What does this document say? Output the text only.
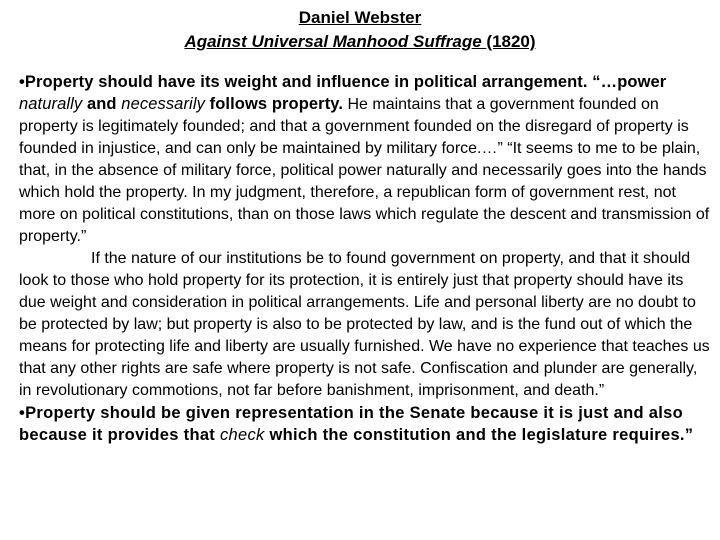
Daniel Webster
Against Universal Manhood Suffrage (1820)

•Property should have its weight and influence in political arrangement. “…power naturally and necessarily follows property. He maintains that a government founded on property is legitimately founded; and that a government founded on the disregard of property is founded in injustice, and can only be maintained by military force.…” “It seems to me to be plain, that, in the absence of military force, political power naturally and necessarily goes into the hands which hold the property. In my judgment, therefore, a republican form of government rest, not more on political constitutions, than on those laws which regulate the descent and transmission of property.”
If the nature of our institutions be to found government on property, and that it should look to those who hold property for its protection, it is entirely just that property should have its due weight and consideration in political arrangements. Life and personal liberty are no doubt to be protected by law; but property is also to be protected by law, and is the fund out of which the means for protecting life and liberty are usually furnished. We have no experience that teaches us that any other rights are safe where property is not safe. Confiscation and plunder are generally, in revolutionary commotions, not far before banishment, imprisonment, and death.”

•Property should be given representation in the Senate because it is just and also because it provides that check which the constitution and the legislature requires.”
